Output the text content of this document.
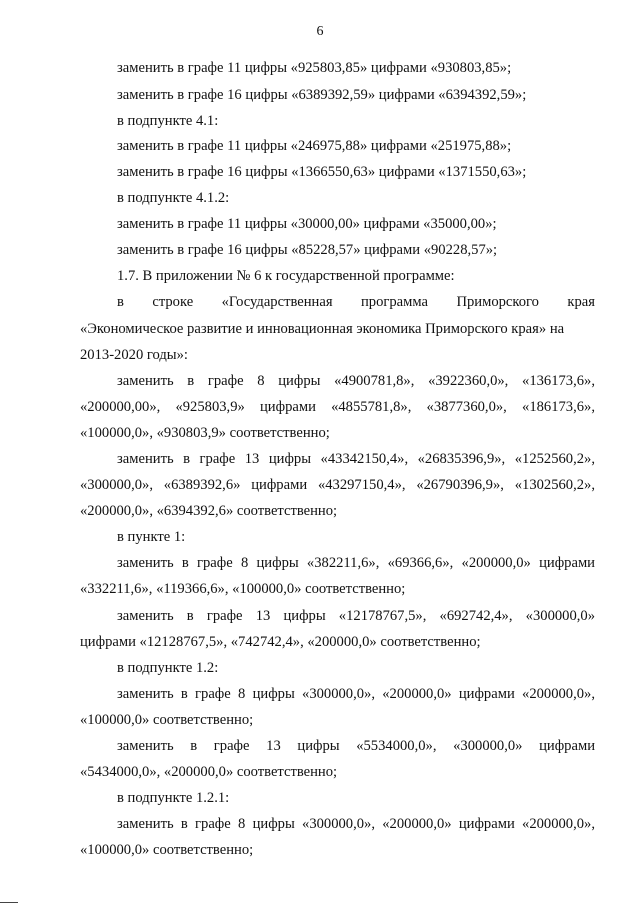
6
заменить в графе 11 цифры «925803,85» цифрами «930803,85»;
заменить в графе 16 цифры «6389392,59» цифрами «6394392,59»;
в подпункте 4.1:
заменить в графе 11 цифры «246975,88» цифрами «251975,88»;
заменить в графе 16 цифры «1366550,63» цифрами «1371550,63»;
в подпункте 4.1.2:
заменить в графе 11 цифры «30000,00» цифрами «35000,00»;
заменить в графе 16 цифры «85228,57» цифрами «90228,57»;
1.7. В приложении № 6 к государственной программе:
в строке «Государственная программа Приморского края
«Экономическое развитие и инновационная экономика Приморского края» на
2013-2020 годы»:
заменить в графе 8 цифры «4900781,8», «3922360,0», «136173,6»,
«200000,00», «925803,9» цифрами «4855781,8», «3877360,0», «186173,6»,
«100000,0», «930803,9» соответственно;
заменить в графе 13 цифры «43342150,4», «26835396,9», «1252560,2»,
«300000,0», «6389392,6» цифрами «43297150,4», «26790396,9», «1302560,2»,
«200000,0», «6394392,6» соответственно;
в пункте 1:
заменить в графе 8 цифры «382211,6», «69366,6», «200000,0» цифрами
«332211,6», «119366,6», «100000,0» соответственно;
заменить в графе 13 цифры «12178767,5», «692742,4», «300000,0»
цифрами «12128767,5», «742742,4», «200000,0» соответственно;
в подпункте 1.2:
заменить в графе 8 цифры «300000,0», «200000,0» цифрами «200000,0»,
«100000,0» соответственно;
заменить в графе 13 цифры «5534000,0», «300000,0» цифрами
«5434000,0», «200000,0» соответственно;
в подпункте 1.2.1:
заменить в графе 8 цифры «300000,0», «200000,0» цифрами «200000,0»,
«100000,0» соответственно;
